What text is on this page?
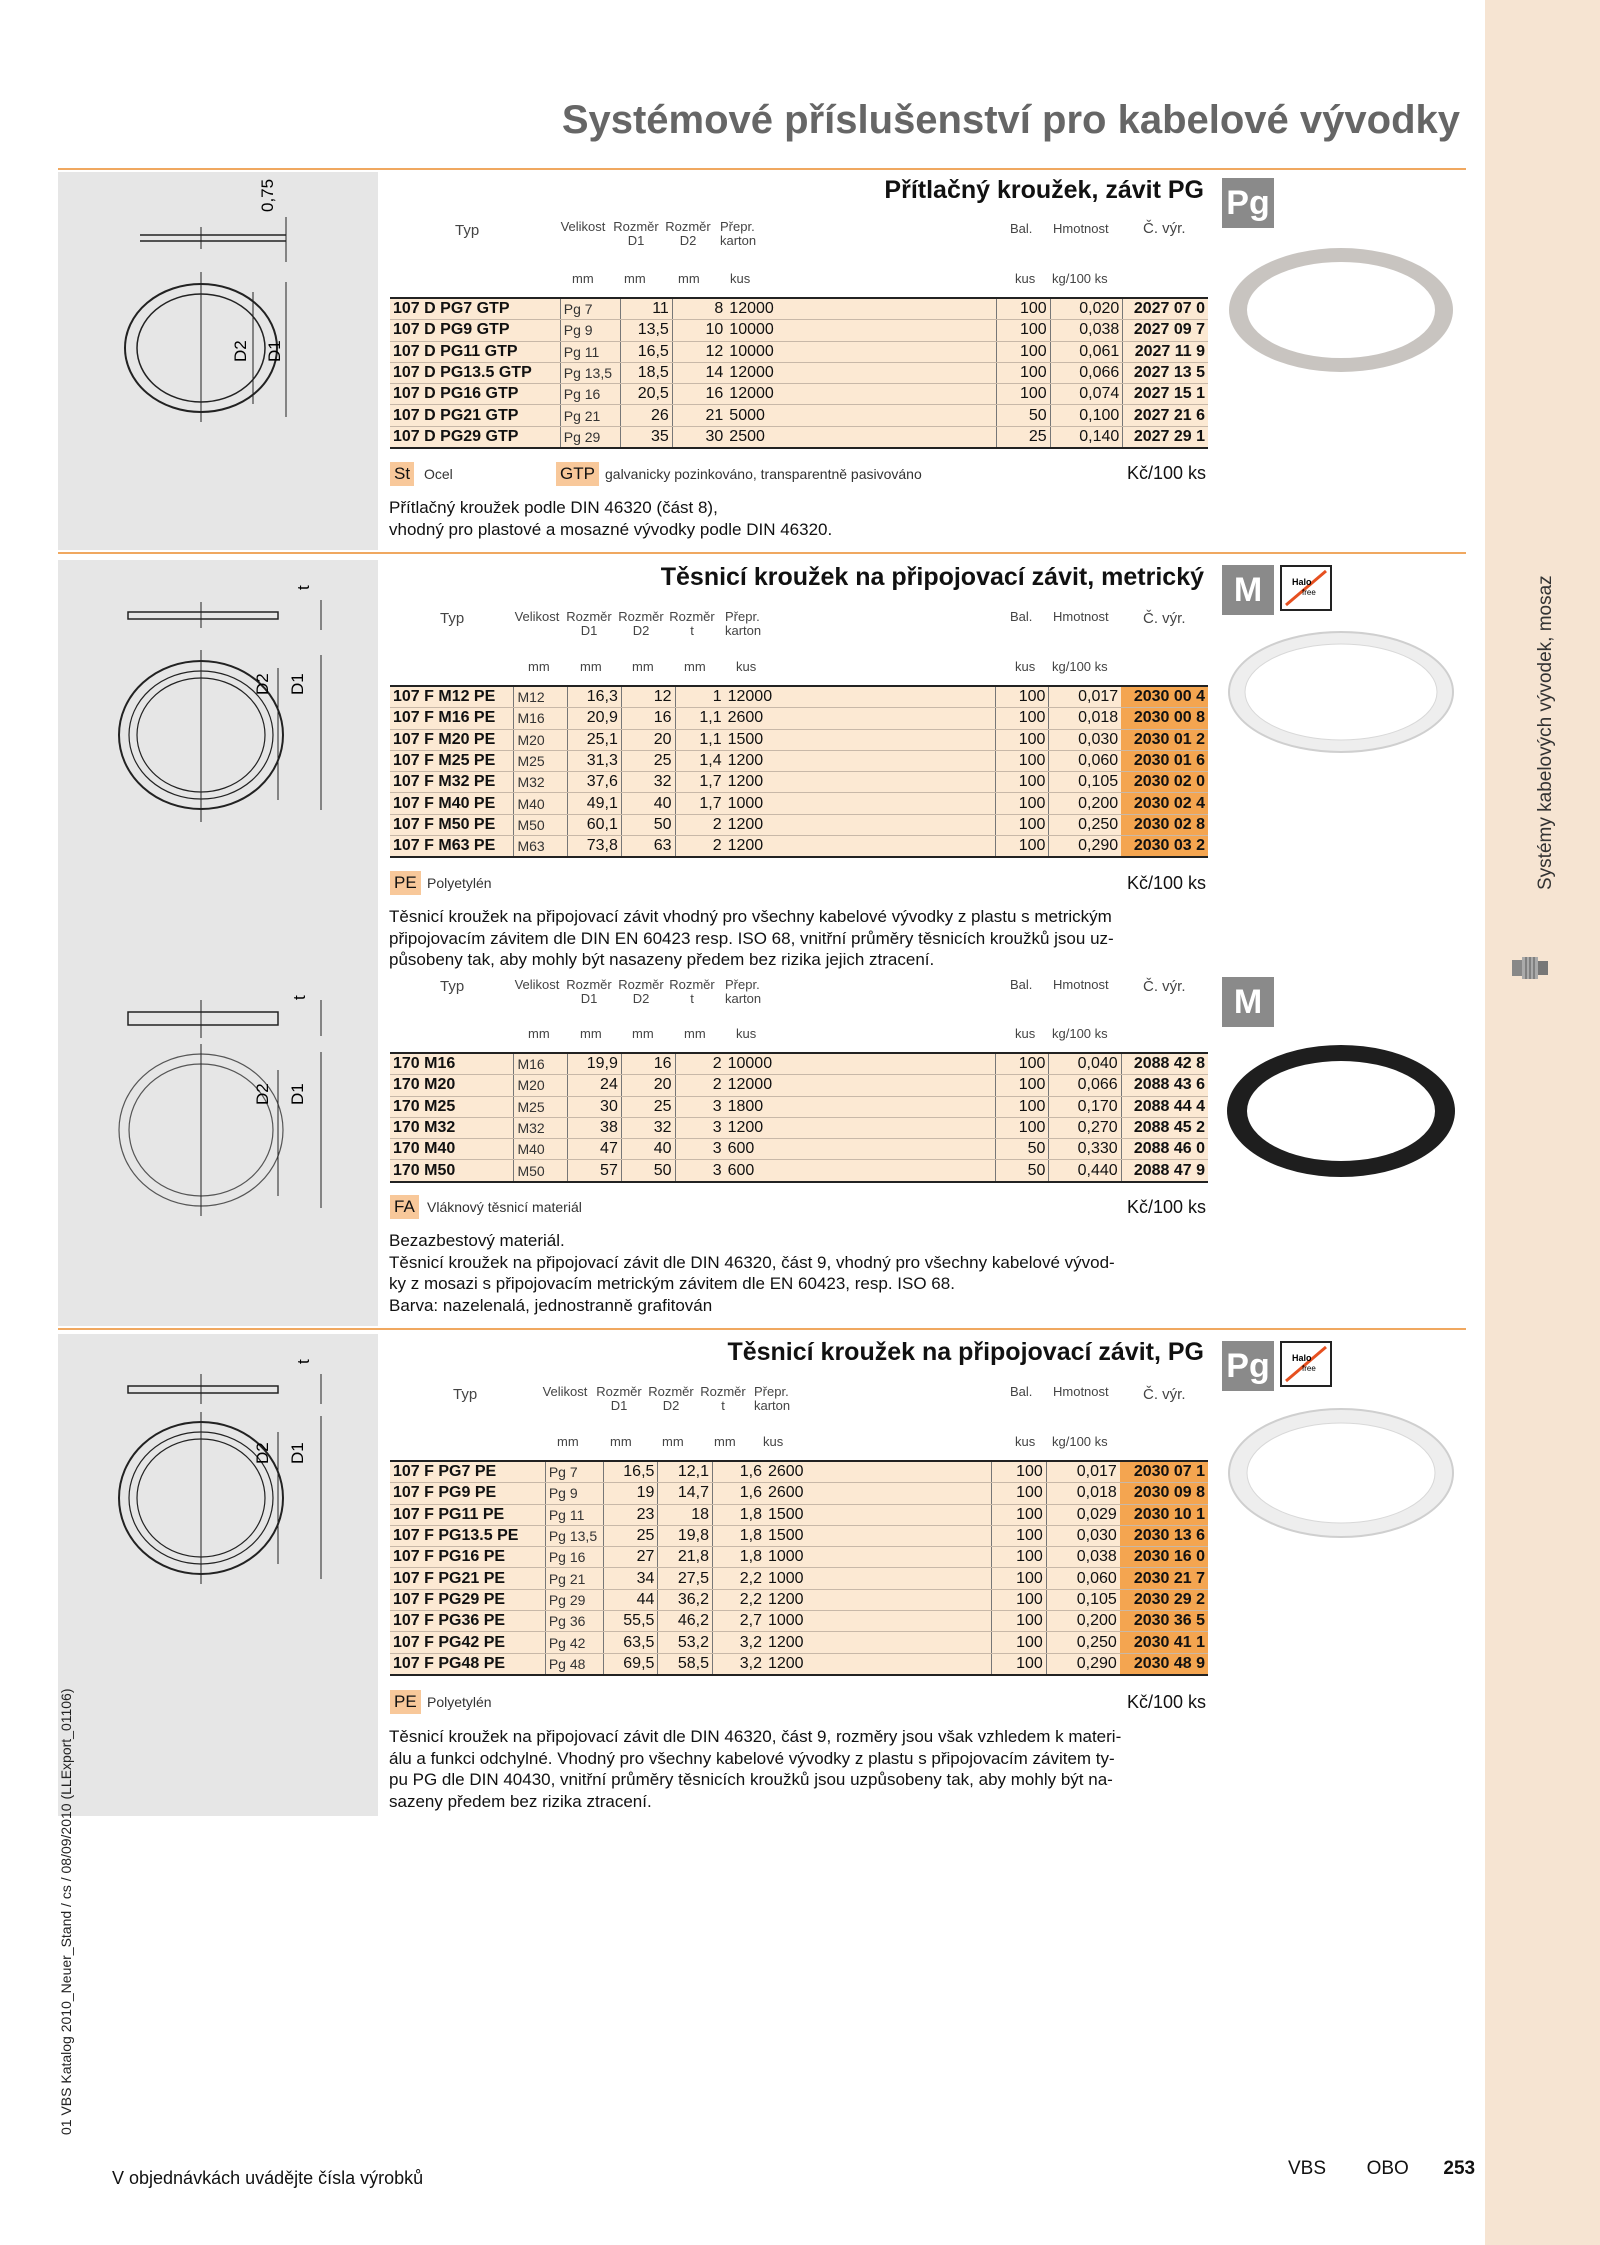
Systémy kabelových vývodek, mosaz
Systémové příslušenství pro kabelové vývodky
0,75
D2 D1
Přítlačný kroužek, závit PG Pg
Typ	Velikost Rozměr D1
Rozměr D2
Přepr. karton
Bal. Hmotnost Č. výr.
mm mm mm kus	kus kg/100 ks
107 D PG7 GTP	Pg 7	11	8	12000	100	0,020	2027 07 0
107 D PG9 GTP	Pg 9	13,5	10	10000	100	0,038	2027 09 7
107 D PG11 GTP	Pg 11	16,5	12	10000	100	0,061	2027 11 9
107 D PG13.5 GTP	Pg 13,5	18,5	14	12000	100	0,066	2027 13 5
107 D PG16 GTP	Pg 16	20,5	16	12000	100	0,074	2027 15 1
107 D PG21 GTP	Pg 21	26	21	5000	50	0,100	2027 21 6
107 D PG29 GTP	Pg 29	35	30	2500	25	0,140	2027 29 1
St Ocel	GTP galvanicky pozinkováno, transparentně pasivováno	Kč/100 ks
Přítlačný kroužek podle DIN 46320 (část 8),
vhodný pro plastové a mosazné vývodky podle DIN 46320.
t
D2 D1
t
D2 D1
Těsnicí kroužek na připojovací závit, metrický M	Halo
free
Typ	Velikost Rozměr D1
Rozměr D2
Rozměr t
Přepr. karton
Bal. Hmotnost Č. výr.
mm mm mm mm kus	kus kg/100 ks
107 F M12 PE	M12	16,3	12	1	12000	100	0,017	2030 00 4
107 F M16 PE	M16	20,9	16	1,1	2600	100	0,018	2030 00 8
107 F M20 PE	M20	25,1	20	1,1	1500	100	0,030	2030 01 2
107 F M25 PE	M25	31,3	25	1,4	1200	100	0,060	2030 01 6
107 F M32 PE	M32	37,6	32	1,7	1200	100	0,105	2030 02 0
107 F M40 PE	M40	49,1	40	1,7	1000	100	0,200	2030 02 4
107 F M50 PE	M50	60,1	50	2	1200	100	0,250	2030 02 8
107 F M63 PE	M63	73,8	63	2	1200	100	0,290	2030 03 2
PE Polyetylén	Kč/100 ks
Těsnicí kroužek na připojovací závit vhodný pro všechny kabelové vývodky z plastu s metrickým
připojovacím závitem dle DIN EN 60423 resp. ISO 68, vnitřní průměry těsnicích kroužků jsou uz-
působeny tak, aby mohly být nasazeny předem bez rizika jejich ztracení.
M
Typ	Velikost Rozměr D1
Rozměr D2
Rozměr t
Přepr. karton
Bal. Hmotnost Č. výr.
mm mm mm mm kus	kus kg/100 ks
170 M16	M16	19,9	16	2	10000	100	0,040	2088 42 8
170 M20	M20	24	20	2	12000	100	0,066	2088 43 6
170 M25	M25	30	25	3	1800	100	0,170	2088 44 4
170 M32	M32	38	32	3	1200	100	0,270	2088 45 2
170 M40	M40	47	40	3	600	50	0,330	2088 46 0
170 M50	M50	57	50	3	600	50	0,440	2088 47 9
FA Vláknový těsnicí materiál	Kč/100 ks
Bezazbestový materiál.
Těsnicí kroužek na připojovací závit dle DIN 46320, část 9, vhodný pro všechny kabelové vývod-
ky z mosazi s připojovacím metrickým závitem dle EN 60423, resp. ISO 68.
Barva: nazelenalá, jednostranně grafitován
t
D2 D1
Těsnicí kroužek na připojovací závit, PG Pg	Halo
free
Typ	Velikost Rozměr D1
Rozměr D2
Rozměr t
Přepr. karton
Bal. Hmotnost Č. výr.
mm mm mm mm kus	kus kg/100 ks
107 F PG7 PE	Pg 7	16,5	12,1	1,6	2600	100	0,017	2030 07 1
107 F PG9 PE	Pg 9	19	14,7	1,6	2600	100	0,018	2030 09 8
107 F PG11 PE	Pg 11	23	18	1,8	1500	100	0,029	2030 10 1
107 F PG13.5 PE	Pg 13,5	25	19,8	1,8	1500	100	0,030	2030 13 6
107 F PG16 PE	Pg 16	27	21,8	1,8	1000	100	0,038	2030 16 0
107 F PG21 PE	Pg 21	34	27,5	2,2	1000	100	0,060	2030 21 7
107 F PG29 PE	Pg 29	44	36,2	2,2	1200	100	0,105	2030 29 2
107 F PG36 PE	Pg 36	55,5	46,2	2,7	1000	100	0,200	2030 36 5
107 F PG42 PE	Pg 42	63,5	53,2	3,2	1200	100	0,250	2030 41 1
107 F PG48 PE	Pg 48	69,5	58,5	3,2	1200	100	0,290	2030 48 9
PE Polyetylén	Kč/100 ks
Těsnicí kroužek na připojovací závit dle DIN 46320, část 9, rozměry jsou však vzhledem k materi-
álu a funkci odchylné. Vhodný pro všechny kabelové vývodky z plastu s připojovacím závitem ty-
pu PG dle DIN 40430, vnitřní průměry těsnicích kroužků jsou uzpůsobeny tak, aby mohly být na-
sazeny předem bez rizika ztracení.
01 VBS Katalog 2010_Neuer_Stand / cs / 08/09/2010 (LLExport_01106)
V objednávkách uvádějte čísla výrobků	VBS OBO 253
